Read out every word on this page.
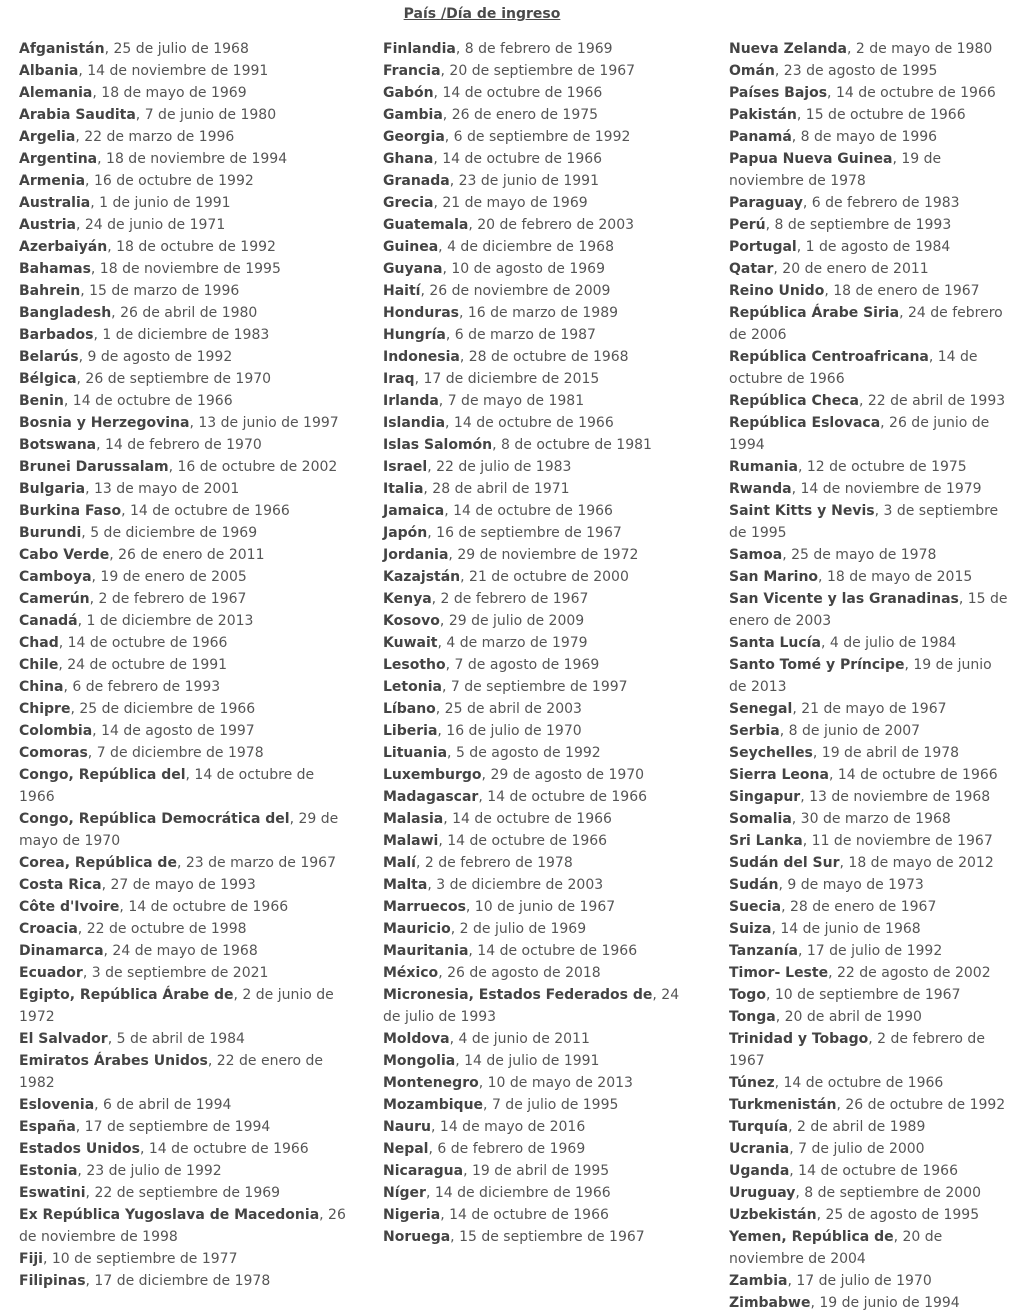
País /Día de ingreso

Afganistán, 25 de julio de 1968

Albania, 14 de noviembre de 1991

Alemania, 18 de mayo de 1969

Arabia Saudita, 7 de junio de 1980

Argelia, 22 de marzo de 1996

Argentina, 18 de noviembre de 1994

Armenia, 16 de octubre de 1992

Australia, 1 de junio de 1991

Austria, 24 de junio de 1971

Azerbaiyán, 18 de octubre de 1992

Bahamas, 18 de noviembre de 1995

Bahrein, 15 de marzo de 1996

Bangladesh, 26 de abril de 1980

Barbados, 1 de diciembre de 1983

Belarús, 9 de agosto de 1992

Bélgica, 26 de septiembre de 1970

Benin, 14 de octubre de 1966

Bosnia y Herzegovina, 13 de junio de 1997

Botswana, 14 de febrero de 1970

Brunei Darussalam, 16 de octubre de 2002

Bulgaria, 13 de mayo de 2001

Burkina Faso, 14 de octubre de 1966

Burundi, 5 de diciembre de 1969

Cabo Verde, 26 de enero de 2011

Camboya, 19 de enero de 2005

Camerún, 2 de febrero de 1967

Canadá, 1 de diciembre de 2013

Chad, 14 de octubre de 1966

Chile, 24 de octubre de 1991

China, 6 de febrero de 1993

Chipre, 25 de diciembre de 1966

Colombia, 14 de agosto de 1997

Comoras, 7 de diciembre de 1978

Congo, República del, 14 de octubre de 1966

Congo, República Democrática del, 29 de mayo de 1970

Corea, República de, 23 de marzo de 1967

Costa Rica, 27 de mayo de 1993

Côte d'Ivoire, 14 de octubre de 1966

Croacia, 22 de octubre de 1998

Dinamarca, 24 de mayo de 1968

Ecuador, 3 de septiembre de 2021

Egipto, República Árabe de, 2 de junio de 1972

El Salvador, 5 de abril de 1984

Emiratos Árabes Unidos, 22 de enero de 1982

Eslovenia, 6 de abril de 1994

España, 17 de septiembre de 1994

Estados Unidos, 14 de octubre de 1966

Estonia, 23 de julio de 1992

Eswatini, 22 de septiembre de 1969

Ex República Yugoslava de Macedonia, 26 de noviembre de 1998

Fiji, 10 de septiembre de 1977

Filipinas, 17 de diciembre de 1978

Finlandia, 8 de febrero de 1969

Francia, 20 de septiembre de 1967

Gabón, 14 de octubre de 1966

Gambia, 26 de enero de 1975

Georgia, 6 de septiembre de 1992

Ghana, 14 de octubre de 1966

Granada, 23 de junio de 1991

Grecia, 21 de mayo de 1969

Guatemala, 20 de febrero de 2003

Guinea, 4 de diciembre de 1968

Guyana, 10 de agosto de 1969

Haití, 26 de noviembre de 2009

Honduras, 16 de marzo de 1989

Hungría, 6 de marzo de 1987

Indonesia, 28 de octubre de 1968

Iraq, 17 de diciembre de 2015

Irlanda, 7 de mayo de 1981

Islandia, 14 de octubre de 1966

Islas Salomón, 8 de octubre de 1981

Israel, 22 de julio de 1983

Italia, 28 de abril de 1971

Jamaica, 14 de octubre de 1966

Japón, 16 de septiembre de 1967

Jordania, 29 de noviembre de 1972

Kazajstán, 21 de octubre de 2000

Kenya, 2 de febrero de 1967

Kosovo, 29 de julio de 2009

Kuwait, 4 de marzo de 1979

Lesotho, 7 de agosto de 1969

Letonia, 7 de septiembre de 1997

Líbano, 25 de abril de 2003

Liberia, 16 de julio de 1970

Lituania, 5 de agosto de 1992

Luxemburgo, 29 de agosto de 1970

Madagascar, 14 de octubre de 1966

Malasia, 14 de octubre de 1966

Malawi, 14 de octubre de 1966

Malí, 2 de febrero de 1978

Malta, 3 de diciembre de 2003

Marruecos, 10 de junio de 1967

Mauricio, 2 de julio de 1969

Mauritania, 14 de octubre de 1966

México, 26 de agosto de 2018

Micronesia, Estados Federados de, 24 de julio de 1993

Moldova, 4 de junio de 2011

Mongolia, 14 de julio de 1991

Montenegro, 10 de mayo de 2013

Mozambique, 7 de julio de 1995

Nauru, 14 de mayo de 2016

Nepal, 6 de febrero de 1969

Nicaragua, 19 de abril de 1995

Níger, 14 de diciembre de 1966

Nigeria, 14 de octubre de 1966

Noruega, 15 de septiembre de 1967

Nueva Zelanda, 2 de mayo de 1980

Omán, 23 de agosto de 1995

Países Bajos, 14 de octubre de 1966

Pakistán, 15 de octubre de 1966

Panamá, 8 de mayo de 1996

Papua Nueva Guinea, 19 de noviembre de 1978

Paraguay, 6 de febrero de 1983

Perú, 8 de septiembre de 1993

Portugal, 1 de agosto de 1984

Qatar, 20 de enero de 2011

Reino Unido, 18 de enero de 1967

República Árabe Siria, 24 de febrero de 2006

República Centroafricana, 14 de octubre de 1966

República Checa, 22 de abril de 1993

República Eslovaca, 26 de junio de 1994

Rumania, 12 de octubre de 1975

Rwanda, 14 de noviembre de 1979

Saint Kitts y Nevis, 3 de septiembre de 1995

Samoa, 25 de mayo de 1978

San Marino, 18 de mayo de 2015

San Vicente y las Granadinas, 15 de enero de 2003

Santa Lucía, 4 de julio de 1984

Santo Tomé y Príncipe, 19 de junio de 2013

Senegal, 21 de mayo de 1967

Serbia, 8 de junio de 2007

Seychelles, 19 de abril de 1978

Sierra Leona, 14 de octubre de 1966

Singapur, 13 de noviembre de 1968

Somalia, 30 de marzo de 1968

Sri Lanka, 11 de noviembre de 1967

Sudán del Sur, 18 de mayo de 2012

Sudán, 9 de mayo de 1973

Suecia, 28 de enero de 1967

Suiza, 14 de junio de 1968

Tanzanía, 17 de julio de 1992

Timor- Leste, 22 de agosto de 2002

Togo, 10 de septiembre de 1967

Tonga, 20 de abril de 1990

Trinidad y Tobago, 2 de febrero de 1967

Túnez, 14 de octubre de 1966

Turkmenistán, 26 de octubre de 1992

Turquía, 2 de abril de 1989

Ucrania, 7 de julio de 2000

Uganda, 14 de octubre de 1966

Uruguay, 8 de septiembre de 2000

Uzbekistán, 25 de agosto de 1995

Yemen, República de, 20 de noviembre de 2004

Zambia, 17 de julio de 1970

Zimbabwe, 19 de junio de 1994
